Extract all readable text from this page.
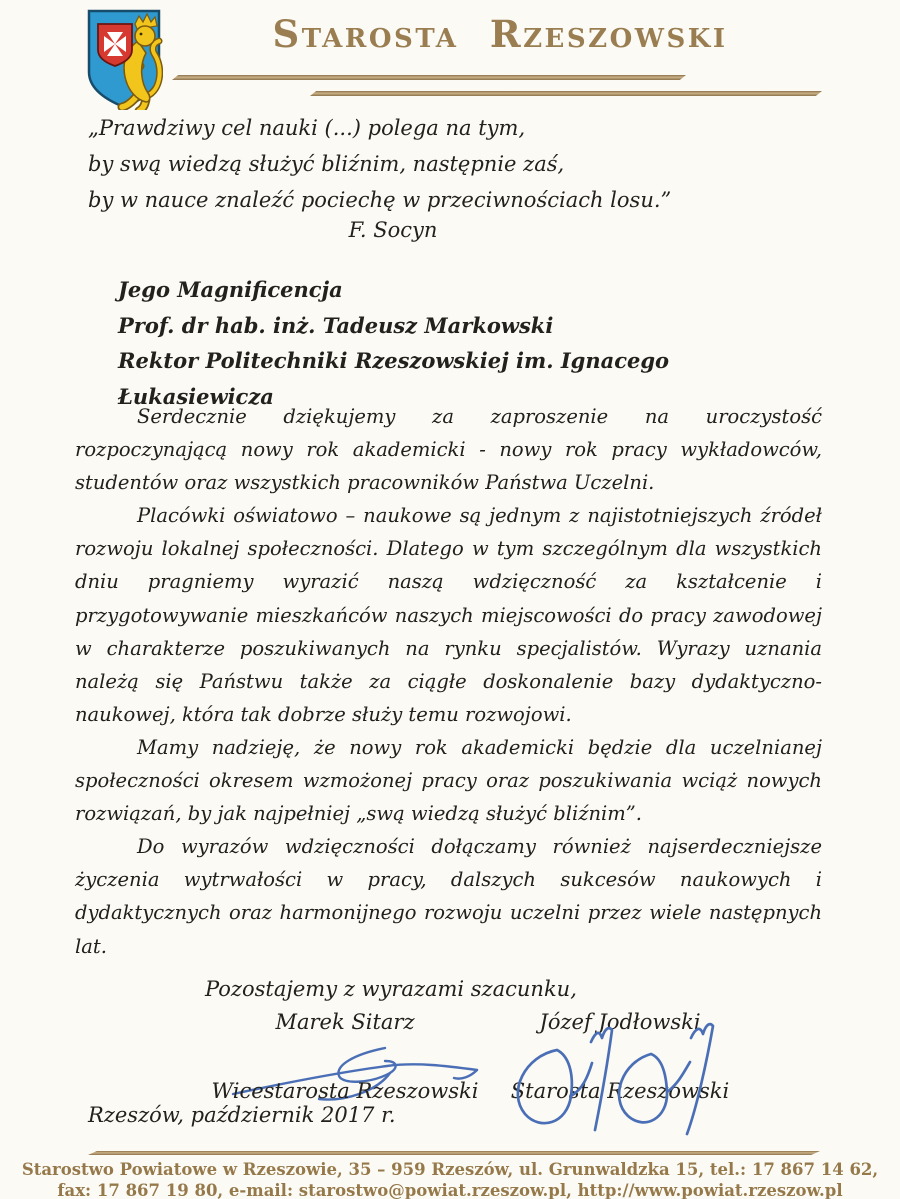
Starosta Rzeszowski
„Prawdziwy cel nauki (...) polega na tym,
by swą wiedzą służyć bliźnim, następnie zaś,
by w nauce znaleźć pociechę w przeciwnościach losu.”
F. Socyn
Jego Magnificencja
Prof. dr hab. inż. Tadeusz Markowski
Rektor Politechniki Rzeszowskiej im. Ignacego Łukasiewicza

Serdecznie dziękujemy za zaproszenie na uroczystość rozpoczynającą nowy rok akademicki - nowy rok pracy wykładowców, studentów oraz wszystkich pracowników Państwa Uczelni.

Placówki oświatowo – naukowe są jednym z najistotniejszych źródeł rozwoju lokalnej społeczności. Dlatego w tym szczególnym dla wszystkich dniu pragniemy wyrazić naszą wdzięczność za kształcenie i przygotowywanie mieszkańców naszych miejscowości do pracy zawodowej w charakterze poszukiwanych na rynku specjalistów. Wyrazy uznania należą się Państwu także za ciągłe doskonalenie bazy dydaktyczno-naukowej, która tak dobrze służy temu rozwojowi.

Mamy nadzieję, że nowy rok akademicki będzie dla uczelnianej społeczności okresem wzmożonej pracy oraz poszukiwania wciąż nowych rozwiązań, by jak najpełniej „swą wiedzą służyć bliźnim”.

Do wyrazów wdzięczności dołączamy również najserdeczniejsze życzenia wytrwałości w pracy, dalszych sukcesów naukowych i dydaktycznych oraz harmonijnego rozwoju uczelni przez wiele następnych lat.

Pozostajemy z wyrazami szacunku,
Marek Sitarz	Józef Jodłowski
Wicestarosta Rzeszowski	Starosta Rzeszowski
Rzeszów, październik 2017 r.
Starostwo Powiatowe w Rzeszowie, 35 – 959 Rzeszów, ul. Grunwaldzka 15, tel.: 17 867 14 62,
fax: 17 867 19 80, e-mail: starostwo@powiat.rzeszow.pl, http://www.powiat.rzeszow.pl
